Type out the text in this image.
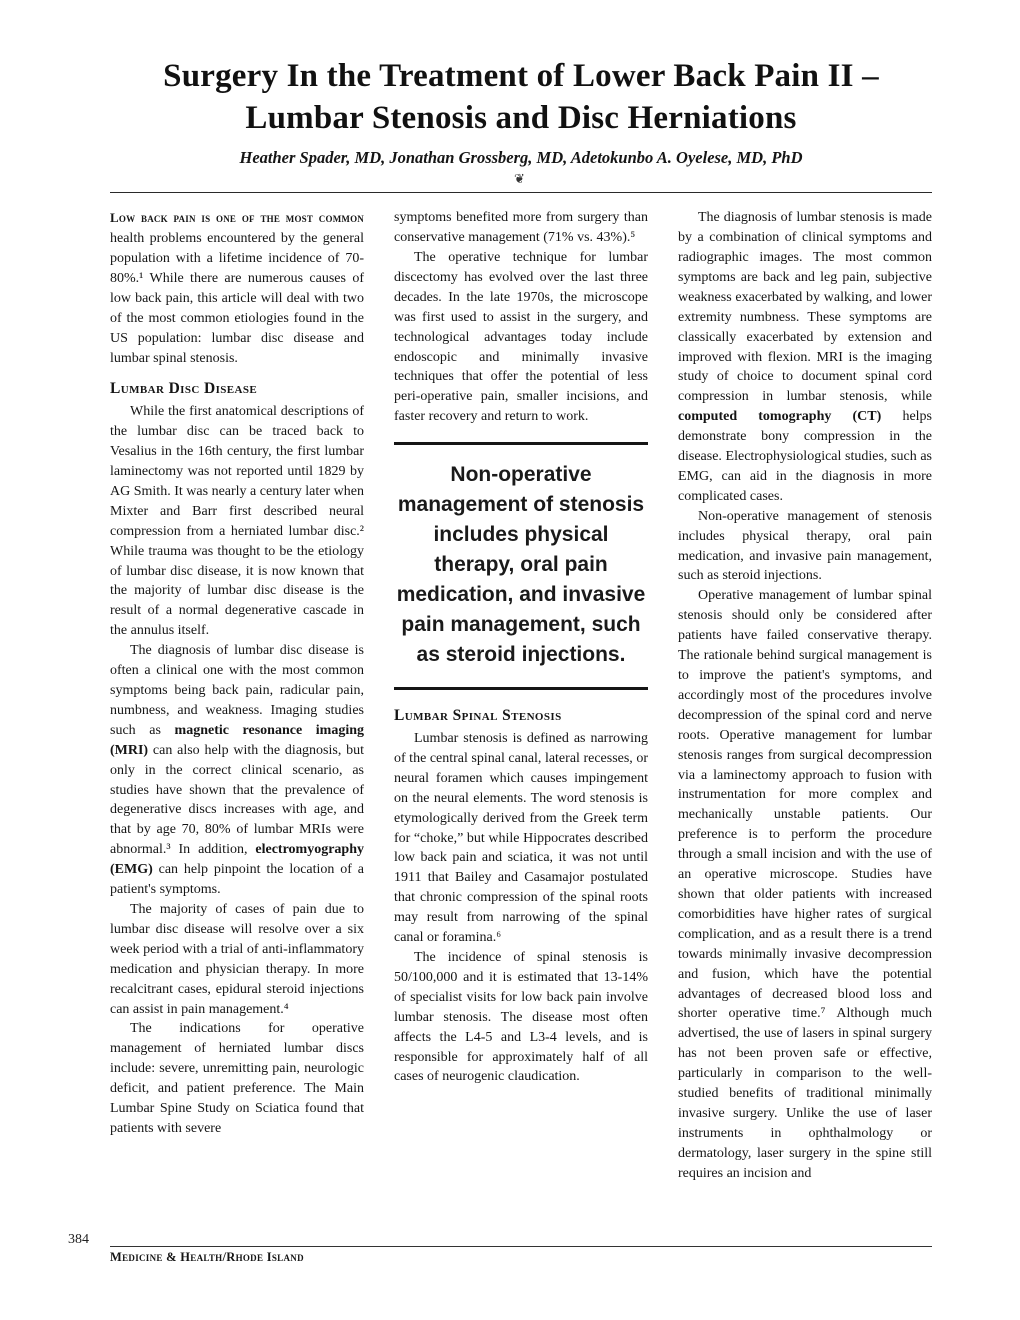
Surgery In the Treatment of Lower Back Pain II –
Lumbar Stenosis and Disc Herniations
Heather Spader, MD, Jonathan Grossberg, MD, Adetokunbo A. Oyelese, MD, PhD
❦

Low back pain is one of the most common health problems encountered by the general population with a lifetime incidence of 70-80%.¹ While there are numerous causes of low back pain, this article will deal with two of the most common etiologies found in the US population: lumbar disc disease and lumbar spinal stenosis.

Lumbar Disc Disease

While the first anatomical descriptions of the lumbar disc can be traced back to Vesalius in the 16th century, the first lumbar laminectomy was not reported until 1829 by AG Smith. It was nearly a century later when Mixter and Barr first described neural compression from a herniated lumbar disc.² While trauma was thought to be the etiology of lumbar disc disease, it is now known that the majority of lumbar disc disease is the result of a normal degenerative cascade in the annulus itself.

The diagnosis of lumbar disc disease is often a clinical one with the most common symptoms being back pain, radicular pain, numbness, and weakness. Imaging studies such as magnetic resonance imaging (MRI) can also help with the diagnosis, but only in the correct clinical scenario, as studies have shown that the prevalence of degenerative discs increases with age, and that by age 70, 80% of lumbar MRIs were abnormal.³ In addition, electromyography (EMG) can help pinpoint the location of a patient's symptoms.

The majority of cases of pain due to lumbar disc disease will resolve over a six week period with a trial of anti-inflammatory medication and physician therapy. In more recalcitrant cases, epidural steroid injections can assist in pain management.⁴

The indications for operative management of herniated lumbar discs include: severe, unremitting pain, neurologic deficit, and patient preference. The Main Lumbar Spine Study on Sciatica found that patients with severe

symptoms benefited more from surgery than conservative management (71% vs. 43%).⁵

The operative technique for lumbar discectomy has evolved over the last three decades. In the late 1970s, the microscope was first used to assist in the surgery, and technological advantages today include endoscopic and minimally invasive techniques that offer the potential of less peri-operative pain, smaller incisions, and faster recovery and return to work.

Non-operative management of stenosis includes physical therapy, oral pain medication, and invasive pain management, such as steroid injections.
Lumbar Spinal Stenosis

Lumbar stenosis is defined as narrowing of the central spinal canal, lateral recesses, or neural foramen which causes impingement on the neural elements. The word stenosis is etymologically derived from the Greek term for “choke,” but while Hippocrates described low back pain and sciatica, it was not until 1911 that Bailey and Casamajor postulated that chronic compression of the spinal roots may result from narrowing of the spinal canal or foramina.⁶

The incidence of spinal stenosis is 50/100,000 and it is estimated that 13-14% of specialist visits for low back pain involve lumbar stenosis. The disease most often affects the L4-5 and L3-4 levels, and is responsible for approximately half of all cases of neurogenic claudication.

The diagnosis of lumbar stenosis is made by a combination of clinical symptoms and radiographic images. The most common symptoms are back and leg pain, subjective weakness exacerbated by walking, and lower extremity numbness. These symptoms are classically exacerbated by extension and improved with flexion. MRI is the imaging study of choice to document spinal cord compression in lumbar stenosis, while computed tomography (CT) helps demonstrate bony compression in the disease. Electrophysiological studies, such as EMG, can aid in the diagnosis in more complicated cases.

Non-operative management of stenosis includes physical therapy, oral pain medication, and invasive pain management, such as steroid injections.

Operative management of lumbar spinal stenosis should only be considered after patients have failed conservative therapy. The rationale behind surgical management is to improve the patient's symptoms, and accordingly most of the procedures involve decompression of the spinal cord and nerve roots. Operative management for lumbar stenosis ranges from surgical decompression via a laminectomy approach to fusion with instrumentation for more complex and mechanically unstable patients. Our preference is to perform the procedure through a small incision and with the use of an operative microscope. Studies have shown that older patients with increased comorbidities have higher rates of surgical complication, and as a result there is a trend towards minimally invasive decompression and fusion, which have the potential advantages of decreased blood loss and shorter operative time.⁷ Although much advertised, the use of lasers in spinal surgery has not been proven safe or effective, particularly in comparison to the well-studied benefits of traditional minimally invasive surgery. Unlike the use of laser instruments in ophthalmology or dermatology, laser surgery in the spine still requires an incision and

384
Medicine & Health/Rhode Island
